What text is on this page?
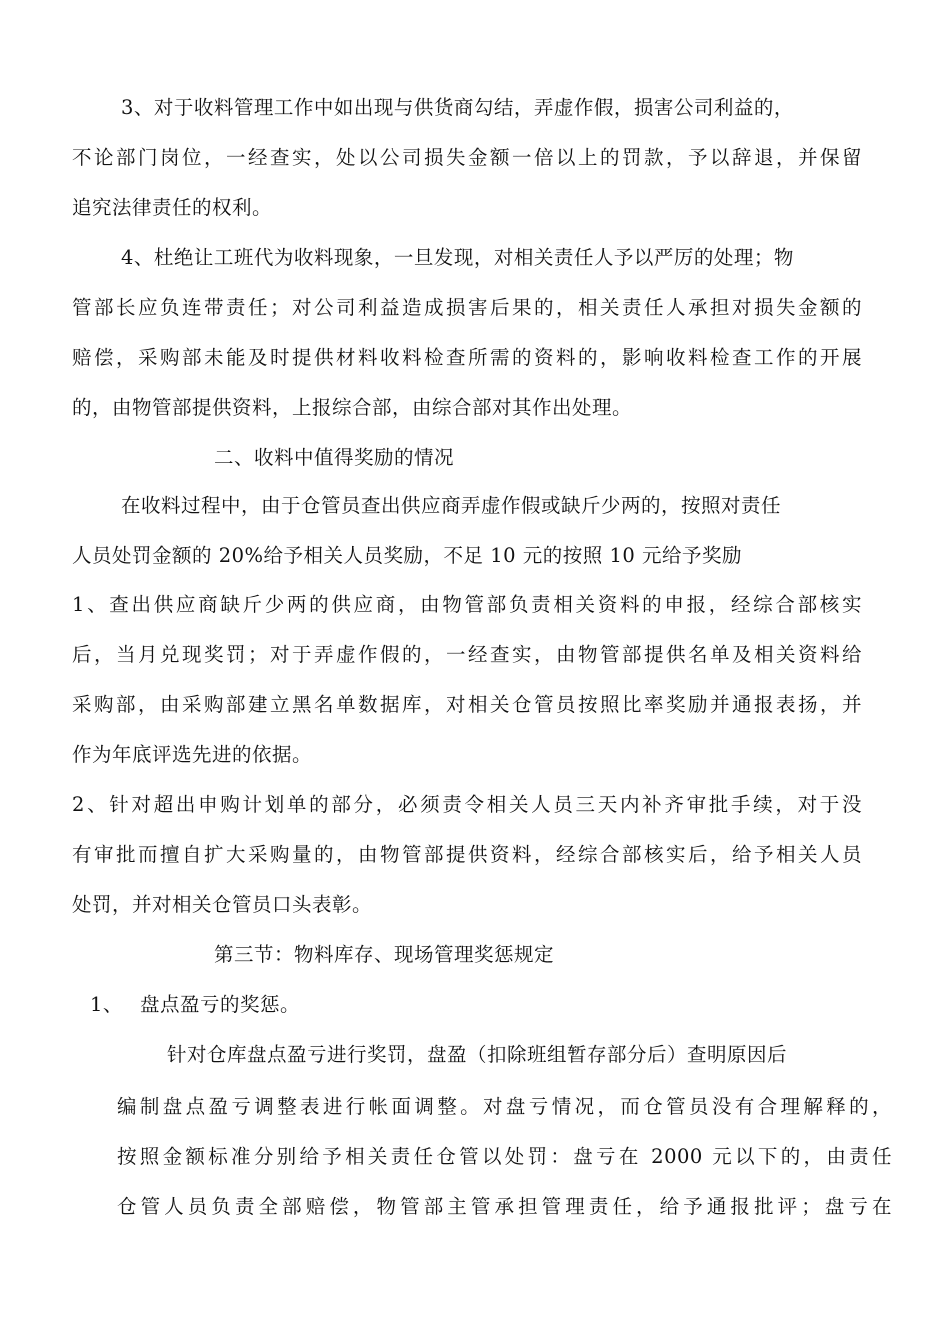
3、对于收料管理工作中如出现与供货商勾结，弄虚作假，损害公司利益的，
不论部门岗位，一经查实，处以公司损失金额一倍以上的罚款，予以辞退，并保留
追究法律责任的权利。
4、杜绝让工班代为收料现象，一旦发现，对相关责任人予以严厉的处理；物
管部长应负连带责任；对公司利益造成损害后果的，相关责任人承担对损失金额的
赔偿，采购部未能及时提供材料收料检查所需的资料的，影响收料检查工作的开展
的，由物管部提供资料，上报综合部，由综合部对其作出处理。
二、收料中值得奖励的情况
在收料过程中，由于仓管员查出供应商弄虚作假或缺斤少两的，按照对责任
人员处罚金额的 20%给予相关人员奖励，不足 10 元的按照 10 元给予奖励
1、查出供应商缺斤少两的供应商，由物管部负责相关资料的申报，经综合部核实
后，当月兑现奖罚；对于弄虚作假的，一经查实，由物管部提供名单及相关资料给
采购部，由采购部建立黑名单数据库，对相关仓管员按照比率奖励并通报表扬，并
作为年底评选先进的依据。
2、针对超出申购计划单的部分，必须责令相关人员三天内补齐审批手续，对于没
有审批而擅自扩大采购量的，由物管部提供资料，经综合部核实后，给予相关人员
处罚，并对相关仓管员口头表彰。
第三节：物料库存、现场管理奖惩规定
1、 盘点盈亏的奖惩。
针对仓库盘点盈亏进行奖罚，盘盈（扣除班组暂存部分后）查明原因后
编制盘点盈亏调整表进行帐面调整。对盘亏情况，而仓管员没有合理解释的，
按照金额标准分别给予相关责任仓管以处罚：盘亏在 2000 元以下的，由责任
仓管人员负责全部赔偿，物管部主管承担管理责任，给予通报批评；盘亏在
